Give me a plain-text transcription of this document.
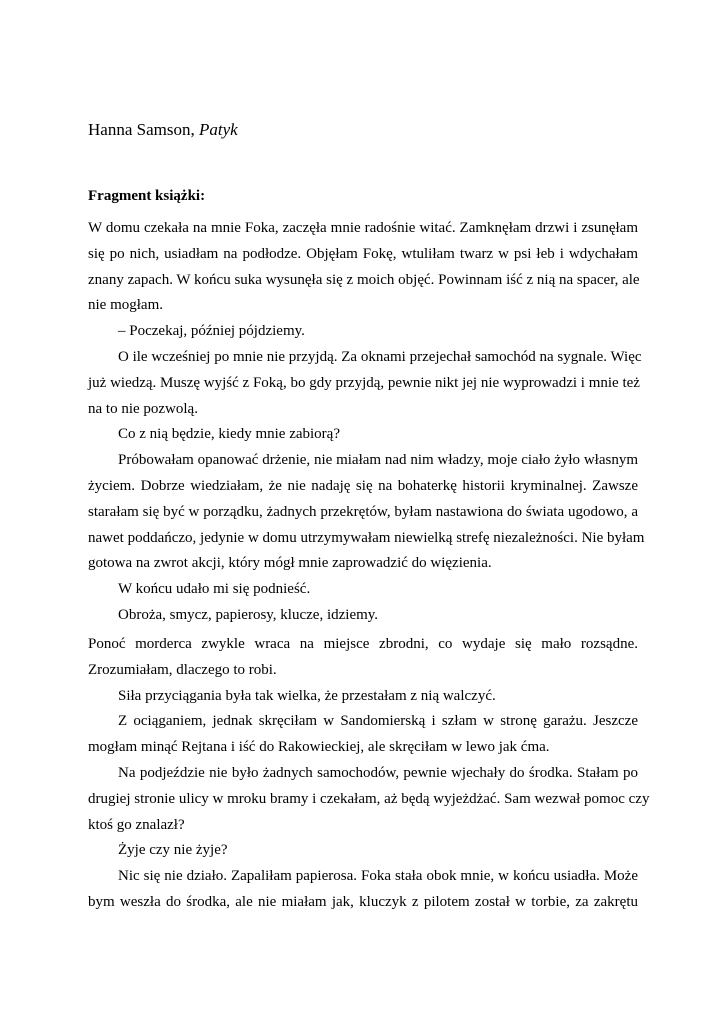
Hanna Samson, Patyk
Fragment książki:
W domu czekała na mnie Foka, zaczęła mnie radośnie witać. Zamknęłam drzwi i zsunęłam
się po nich, usiadłam na podłodze. Objęłam Fokę, wtuliłam twarz w psi łeb i wdychałam
znany zapach. W końcu suka wysunęła się z moich objęć. Powinnam iść z nią na spacer, ale
nie mogłam.
– Poczekaj, później pójdziemy.
O ile wcześniej po mnie nie przyjdą. Za oknami przejechał samochód na sygnale. Więc
już wiedzą. Muszę wyjść z Foką, bo gdy przyjdą, pewnie nikt jej nie wyprowadzi i mnie też
na to nie pozwolą.
Co z nią będzie, kiedy mnie zabiorą?
Próbowałam opanować drżenie, nie miałam nad nim władzy, moje ciało żyło własnym
życiem. Dobrze wiedziałam, że nie nadaję się na bohaterkę historii kryminalnej. Zawsze
starałam się być w porządku, żadnych przekrętów, byłam nastawiona do świata ugodowo, a
nawet poddańczo, jedynie w domu utrzymywałam niewielką strefę niezależności. Nie byłam
gotowa na zwrot akcji, który mógł mnie zaprowadzić do więzienia.
W końcu udało mi się podnieść.
Obroża, smycz, papierosy, klucze, idziemy.
Ponoć morderca zwykle wraca na miejsce zbrodni, co wydaje się mało rozsądne.
Zrozumiałam, dlaczego to robi.
Siła przyciągania była tak wielka, że przestałam z nią walczyć.
Z ociąganiem, jednak skręciłam w Sandomierską i szłam w stronę garażu. Jeszcze
mogłam minąć Rejtana i iść do Rakowieckiej, ale skręciłam w lewo jak ćma.
Na podjeździe nie było żadnych samochodów, pewnie wjechały do środka. Stałam po
drugiej stronie ulicy w mroku bramy i czekałam, aż będą wyjeżdżać. Sam wezwał pomoc czy
ktoś go znalazł?
Żyje czy nie żyje?
Nic się nie działo. Zapaliłam papierosa. Foka stała obok mnie, w końcu usiadła. Może
bym weszła do środka, ale nie miałam jak, kluczyk z pilotem został w torbie, za zakrętu
